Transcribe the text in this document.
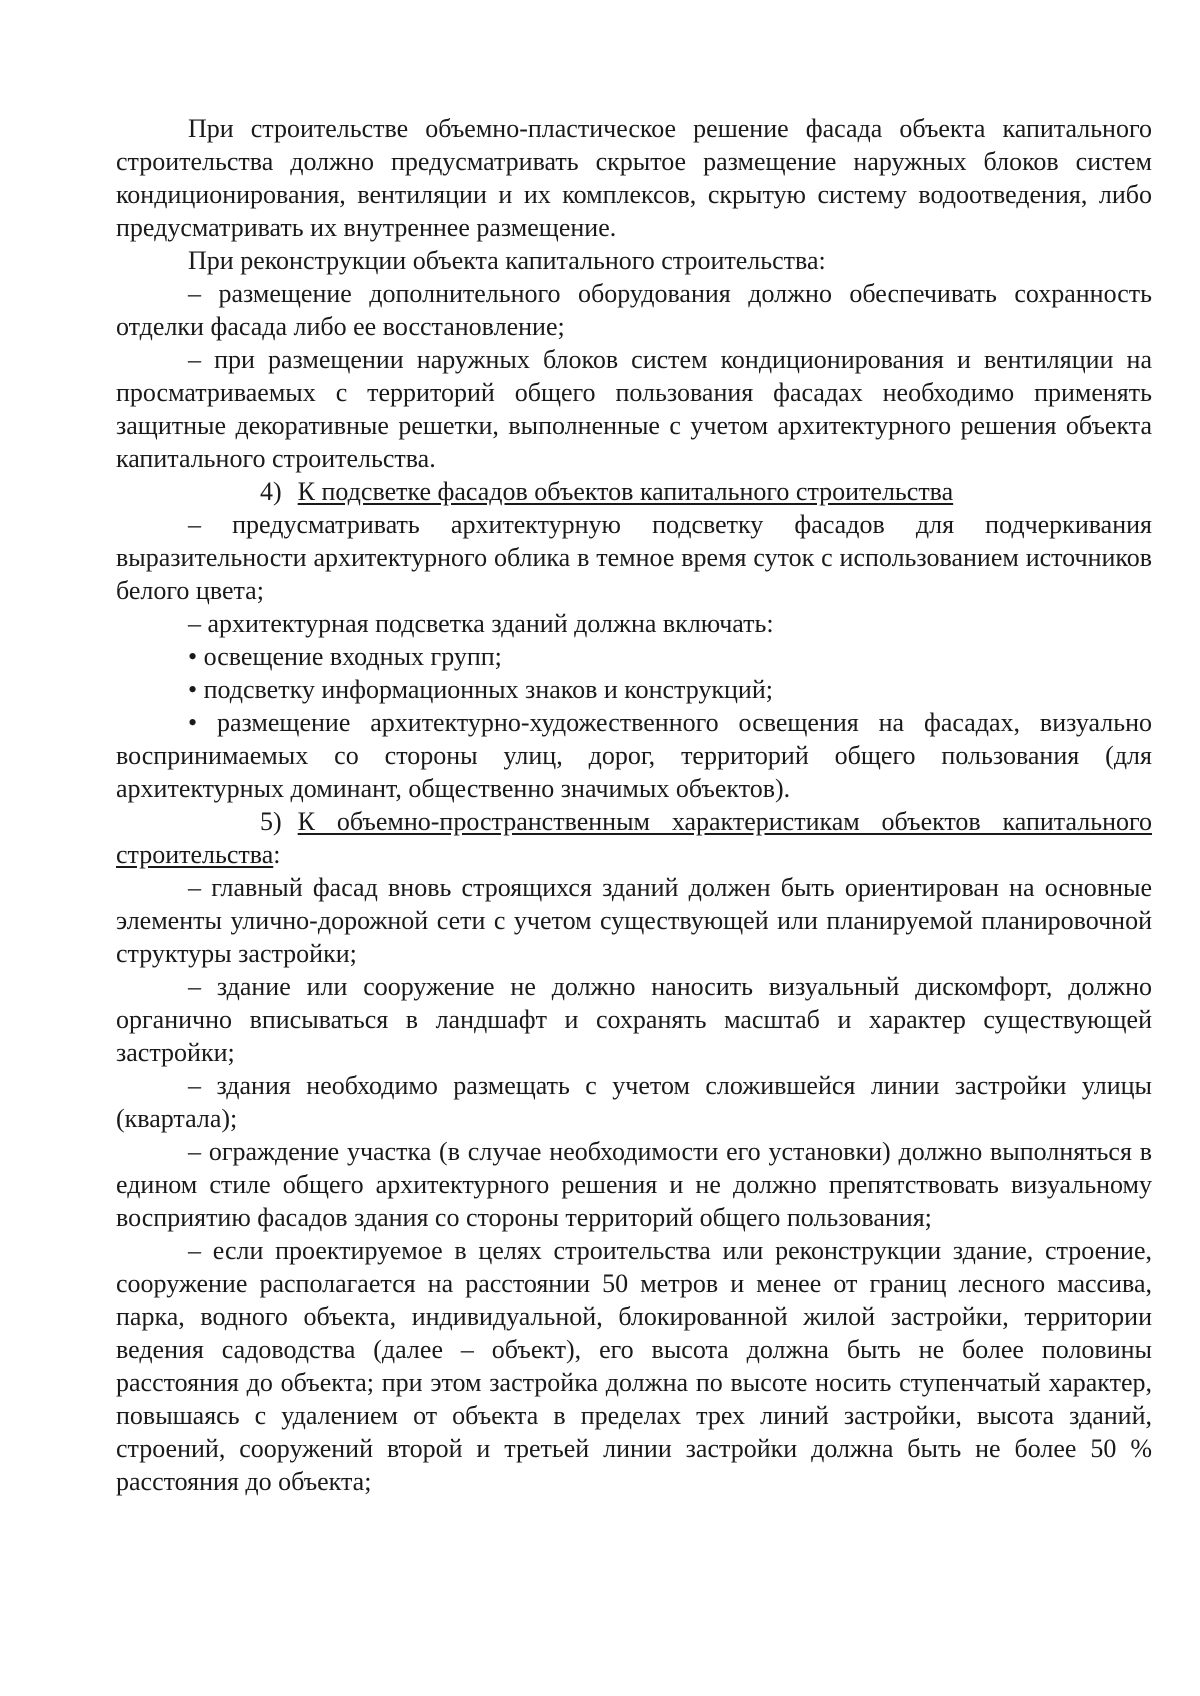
При строительстве объемно-пластическое решение фасада объекта капитального строительства должно предусматривать скрытое размещение наружных блоков систем кондиционирования, вентиляции и их комплексов, скрытую систему водоотведения, либо предусматривать их внутреннее размещение.

При реконструкции объекта капитального строительства:

– размещение дополнительного оборудования должно обеспечивать сохранность отделки фасада либо ее восстановление;

– при размещении наружных блоков систем кондиционирования и вентиляции на просматриваемых с территорий общего пользования фасадах необходимо применять защитные декоративные решетки, выполненные с учетом архитектурного решения объекта капитального строительства.

4) К подсветке фасадов объектов капитального строительства

– предусматривать архитектурную подсветку фасадов для подчеркивания выразительности архитектурного облика в темное время суток с использованием источников белого цвета;

– архитектурная подсветка зданий должна включать:

• освещение входных групп;

• подсветку информационных знаков и конструкций;

• размещение архитектурно-художественного освещения на фасадах, визуально воспринимаемых со стороны улиц, дорог, территорий общего пользования (для архитектурных доминант, общественно значимых объектов).

5) К объемно-пространственным характеристикам объектов капитального строительства:

– главный фасад вновь строящихся зданий должен быть ориентирован на основные элементы улично-дорожной сети с учетом существующей или планируемой планировочной структуры застройки;

– здание или сооружение не должно наносить визуальный дискомфорт, должно органично вписываться в ландшафт и сохранять масштаб и характер существующей застройки;

– здания необходимо размещать с учетом сложившейся линии застройки улицы (квартала);

– ограждение участка (в случае необходимости его установки) должно выполняться в едином стиле общего архитектурного решения и не должно препятствовать визуальному восприятию фасадов здания со стороны территорий общего пользования;

– если проектируемое в целях строительства или реконструкции здание, строение, сооружение располагается на расстоянии 50 метров и менее от границ лесного массива, парка, водного объекта, индивидуальной, блокированной жилой застройки, территории ведения садоводства (далее – объект), его высота должна быть не более половины расстояния до объекта; при этом застройка должна по высоте носить ступенчатый характер, повышаясь с удалением от объекта в пределах трех линий застройки, высота зданий, строений, сооружений второй и третьей линии застройки должна быть не более 50 % расстояния до объекта;
